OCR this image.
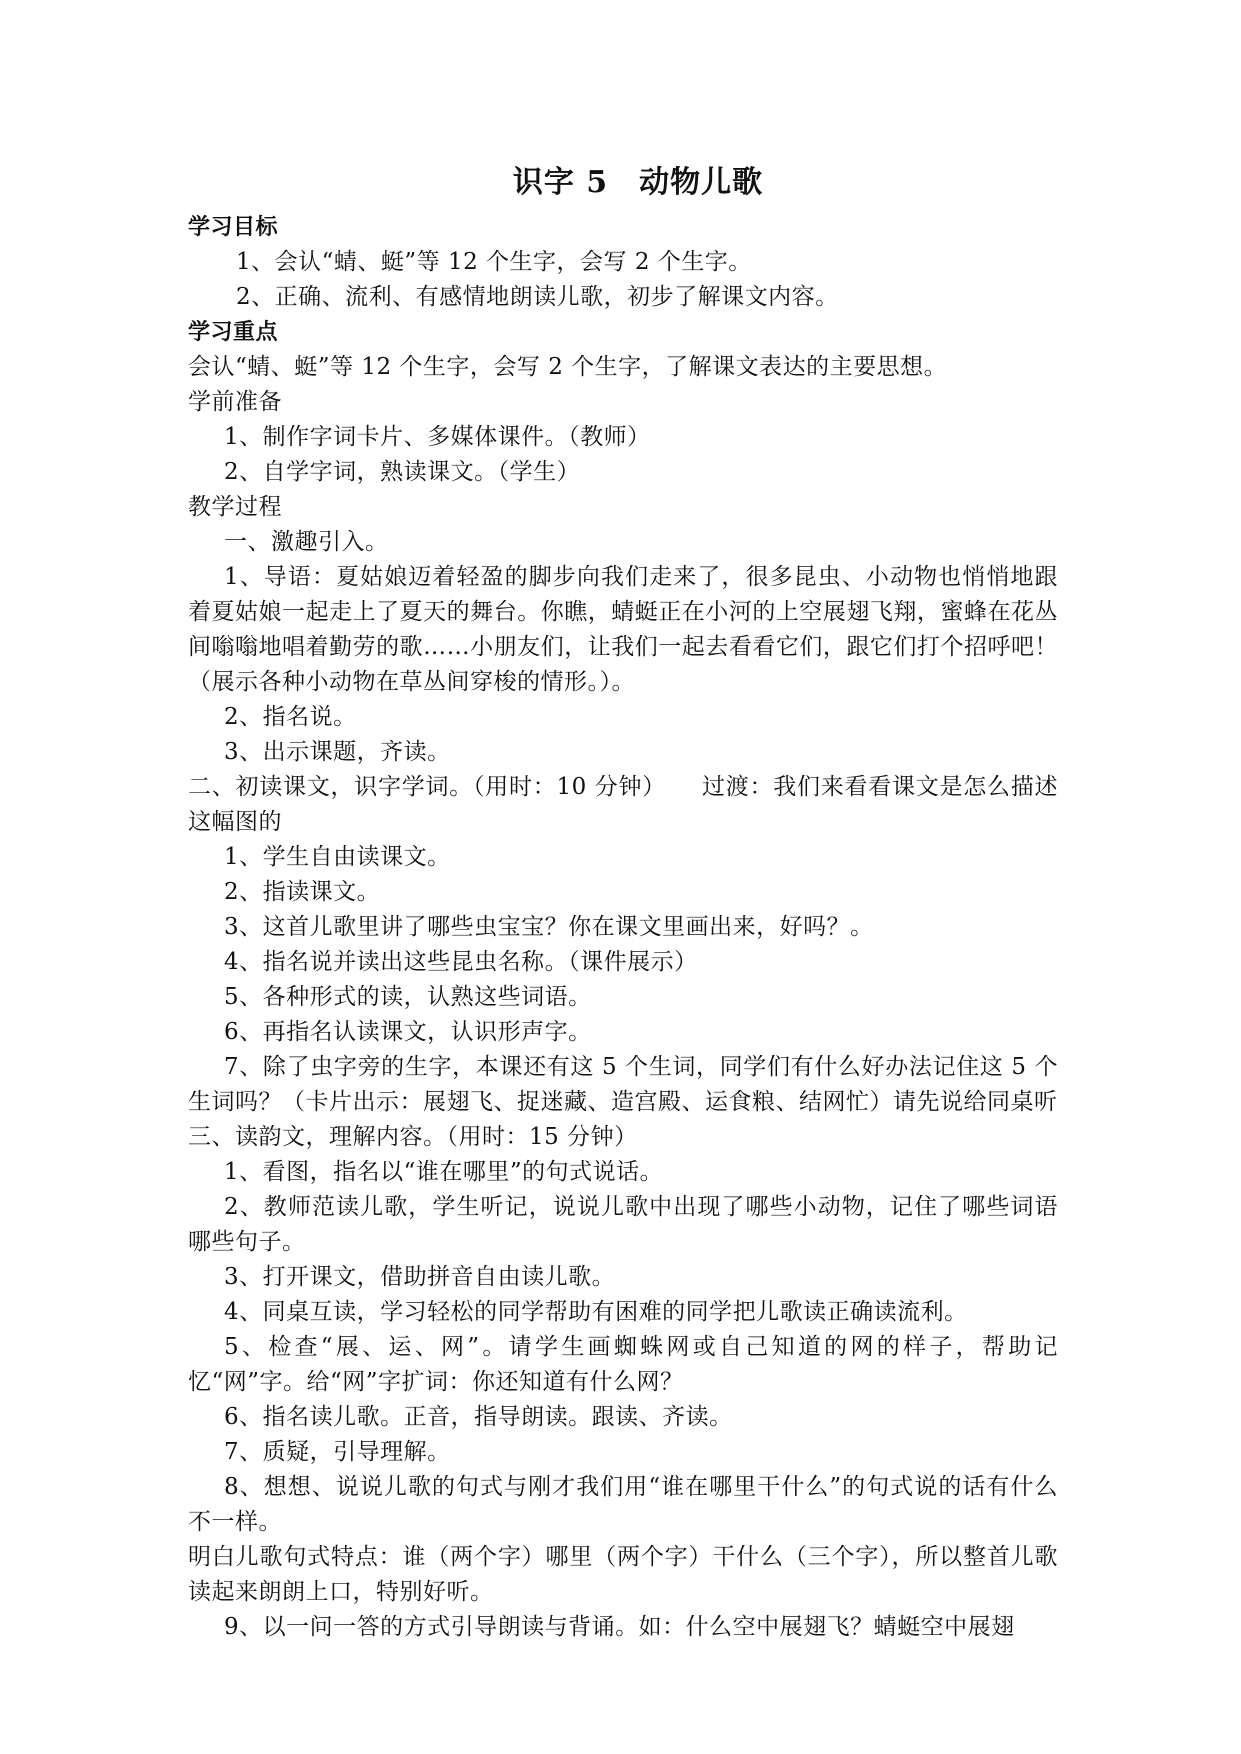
识字 5　动物儿歌

学习目标

1、会认“蜻、蜓”等 12 个生字，会写 2 个生字。

2、正确、流利、有感情地朗读儿歌，初步了解课文内容。

学习重点

会认“蜻、蜓”等 12 个生字，会写 2 个生字，了解课文表达的主要思想。

学前准备

1、制作字词卡片、多媒体课件。（教师）

2、自学字词，熟读课文。（学生）

教学过程

一、激趣引入。

1、导语：夏姑娘迈着轻盈的脚步向我们走来了，很多昆虫、小动物也悄悄地跟着夏姑娘一起走上了夏天的舞台。你瞧，蜻蜓正在小河的上空展翅飞翔，蜜蜂在花丛间嗡嗡地唱着勤劳的歌……小朋友们，让我们一起去看看它们，跟它们打个招呼吧！（展示各种小动物在草丛间穿梭的情形。）。

2、指名说。

3、出示课题，齐读。

二、初读课文，识字学词。（用时：10 分钟）　　过渡：我们来看看课文是怎么描述这幅图的

1、学生自由读课文。

2、指读课文。

3、这首儿歌里讲了哪些虫宝宝？你在课文里画出来，好吗？。

4、指名说并读出这些昆虫名称。（课件展示）

5、各种形式的读，认熟这些词语。

6、再指名认读课文，认识形声字。

7、除了虫字旁的生字，本课还有这 5 个生词，同学们有什么好办法记住这 5 个生词吗？（卡片出示：展翅飞、捉迷藏、造宫殿、运食粮、结网忙）请先说给同桌听

三、读韵文，理解内容。（用时：15 分钟）

1、看图，指名以“谁在哪里”的句式说话。

2、教师范读儿歌，学生听记，说说儿歌中出现了哪些小动物，记住了哪些词语哪些句子。

3、打开课文，借助拼音自由读儿歌。

4、同桌互读，学习轻松的同学帮助有困难的同学把儿歌读正确读流利。

5、检查“展、运、网”。请学生画蜘蛛网或自己知道的网的样子，帮助记忆“网”字。给“网”字扩词：你还知道有什么网？

6、指名读儿歌。正音，指导朗读。跟读、齐读。

7、质疑，引导理解。

8、想想、说说儿歌的句式与刚才我们用“谁在哪里干什么”的句式说的话有什么不一样。

明白儿歌句式特点：谁（两个字）哪里（两个字）干什么（三个字），所以整首儿歌读起来朗朗上口，特别好听。

9、以一问一答的方式引导朗读与背诵。如：什么空中展翅飞？蜻蜓空中展翅
